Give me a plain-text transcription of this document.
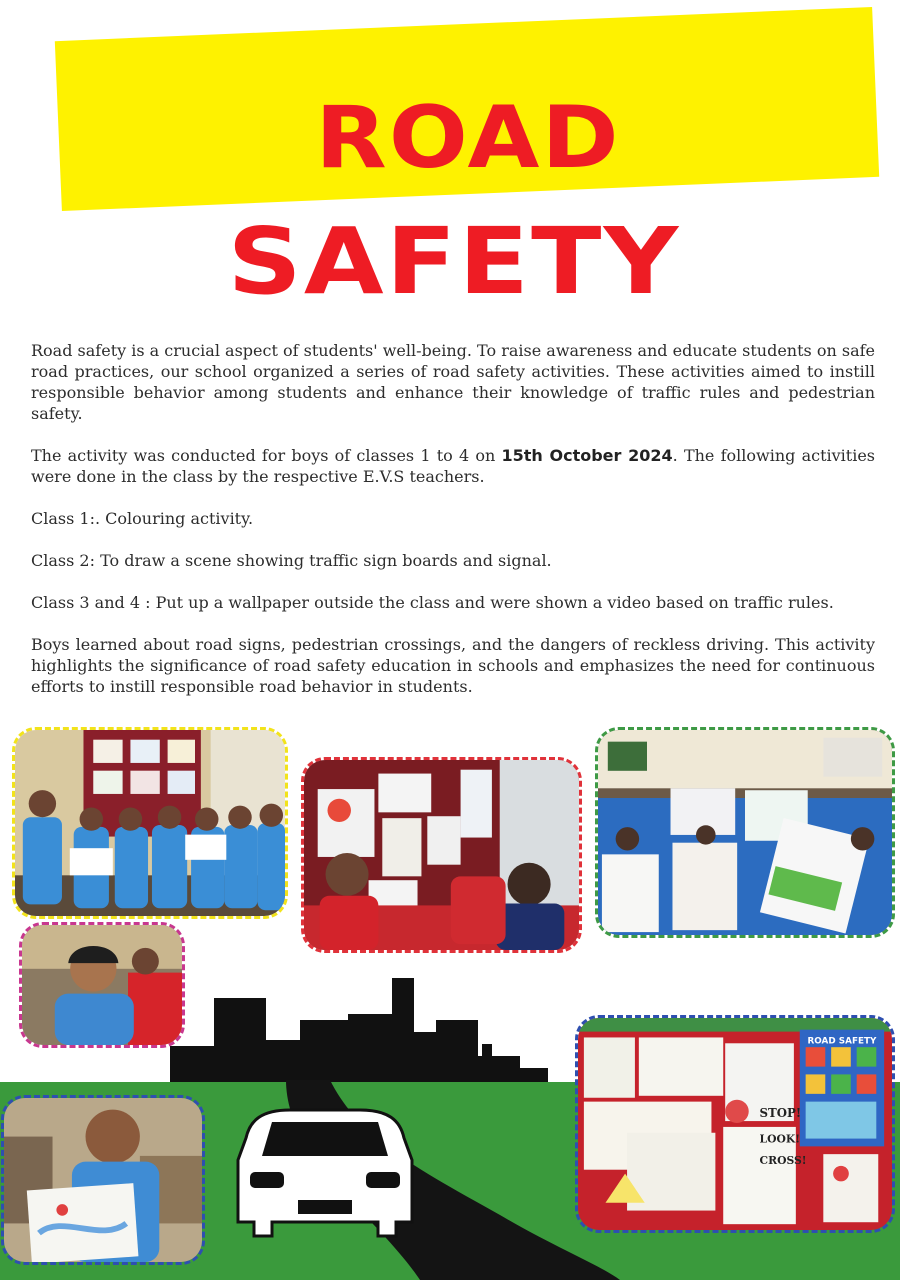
ROAD
SAFETY

Road safety is a crucial aspect of students' well-being. To raise awareness and educate students on safe road practices, our school organized a series of road safety activities. These activities aimed to instill responsible behavior among students and enhance their knowledge of traffic rules and pedestrian safety.

The activity was conducted for boys of classes 1 to 4 on 15th October 2024. The following activities were done in the class by the respective E.V.S teachers.

Class 1:. Colouring activity.

Class 2: To draw a scene showing traffic sign boards and signal.

Class 3 and 4 : Put up a wallpaper outside the class and were shown a video based on traffic rules.

Boys learned about road signs, pedestrian crossings, and the dangers of reckless driving. This activity highlights the significance of road safety education in schools and emphasizes the need for continuous efforts to instill responsible road behavior in students.

ROAD SAFETY
STOP!
LOOK!
CROSS!
